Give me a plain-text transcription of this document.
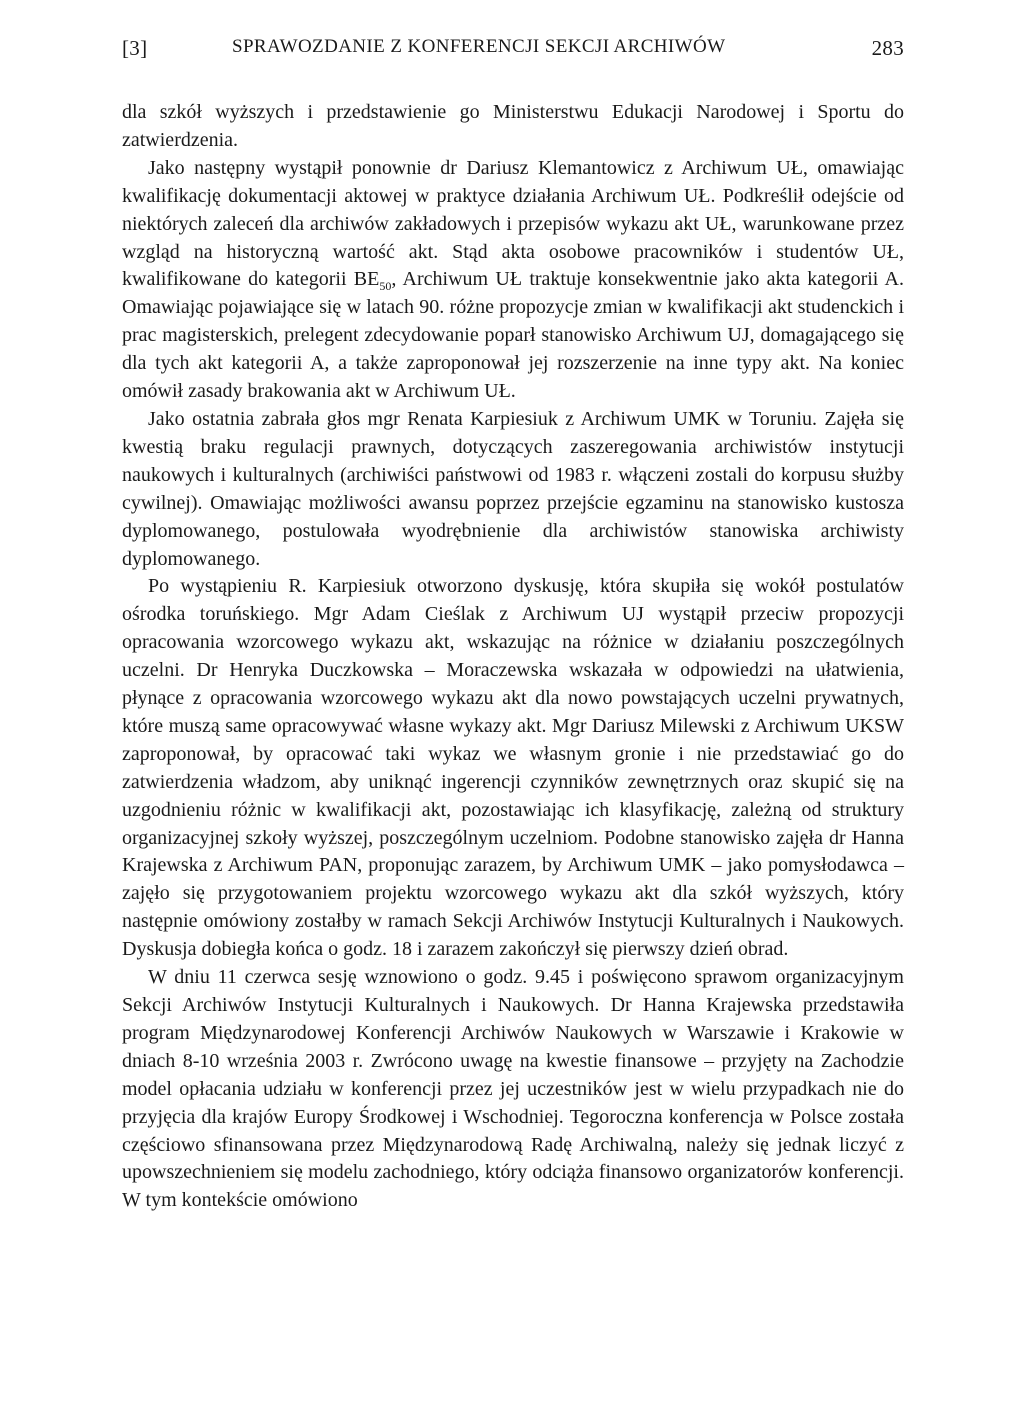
[3]	SPRAWOZDANIE Z KONFERENCJI SEKCJI ARCHIWÓW	283

dla szkół wyższych i przedstawienie go Ministerstwu Edukacji Narodowej i Sportu do zatwierdzenia.

Jako następny wystąpił ponownie dr Dariusz Klemantowicz z Archiwum UŁ, omawiając kwalifikację dokumentacji aktowej w praktyce działania Archiwum UŁ. Podkreślił odejście od niektórych zaleceń dla archiwów zakładowych i przepisów wykazu akt UŁ, warunkowane przez wzgląd na historyczną wartość akt. Stąd akta osobowe pracowników i studentów UŁ, kwalifikowane do kategorii $BE_{50}$, Archiwum UŁ traktuje konsekwentnie jako akta kategorii A. Omawiając pojawiające się w latach 90. różne propozycje zmian w kwalifikacji akt studenckich i prac magisterskich, prelegent zdecydowanie poparł stanowisko Archiwum UJ, domagającego się dla tych akt kategorii A, a także zaproponował jej rozszerzenie na inne typy akt. Na koniec omówił zasady brakowania akt w Archiwum UŁ.

Jako ostatnia zabrała głos mgr Renata Karpiesiuk z Archiwum UMK w Toruniu. Zajęła się kwestią braku regulacji prawnych, dotyczących zaszeregowania archiwistów instytucji naukowych i kulturalnych (archiwiści państwowi od 1983 r. włączeni zostali do korpusu służby cywilnej). Omawiając możliwości awansu poprzez przejście egzaminu na stanowisko kustosza dyplomowanego, postulowała wyodrębnienie dla archiwistów stanowiska archiwisty dyplomowanego.

Po wystąpieniu R. Karpiesiuk otworzono dyskusję, która skupiła się wokół postulatów ośrodka toruńskiego. Mgr Adam Cieślak z Archiwum UJ wystąpił przeciw propozycji opracowania wzorcowego wykazu akt, wskazując na różnice w działaniu poszczególnych uczelni. Dr Henryka Duczkowska – Moraczewska wskazała w odpowiedzi na ułatwienia, płynące z opracowania wzorcowego wykazu akt dla nowo powstających uczelni prywatnych, które muszą same opracowywać własne wykazy akt. Mgr Dariusz Milewski z Archiwum UKSW zaproponował, by opracować taki wykaz we własnym gronie i nie przedstawiać go do zatwierdzenia władzom, aby uniknąć ingerencji czynników zewnętrznych oraz skupić się na uzgodnieniu różnic w kwalifikacji akt, pozostawiając ich klasyfikację, zależną od struktury organizacyjnej szkoły wyższej, poszczególnym uczelniom. Podobne stanowisko zajęła dr Hanna Krajewska z Archiwum PAN, proponując zarazem, by Archiwum UMK – jako pomysłodawca – zajęło się przygotowaniem projektu wzorcowego wykazu akt dla szkół wyższych, który następnie omówiony zostałby w ramach Sekcji Archiwów Instytucji Kulturalnych i Naukowych. Dyskusja dobiegła końca o godz. 18 i zarazem zakończył się pierwszy dzień obrad.

W dniu 11 czerwca sesję wznowiono o godz. 9.45 i poświęcono sprawom organizacyjnym Sekcji Archiwów Instytucji Kulturalnych i Naukowych. Dr Hanna Krajewska przedstawiła program Międzynarodowej Konferencji Archiwów Naukowych w Warszawie i Krakowie w dniach 8-10 września 2003 r. Zwrócono uwagę na kwestie finansowe – przyjęty na Zachodzie model opłacania udziału w konferencji przez jej uczestników jest w wielu przypadkach nie do przyjęcia dla krajów Europy Środkowej i Wschodniej. Tegoroczna konferencja w Polsce została częściowo sfinansowana przez Międzynarodową Radę Archiwalną, należy się jednak liczyć z upowszechnieniem się modelu zachodniego, który odciąża finansowo organizatorów konferencji. W tym kontekście omówiono
